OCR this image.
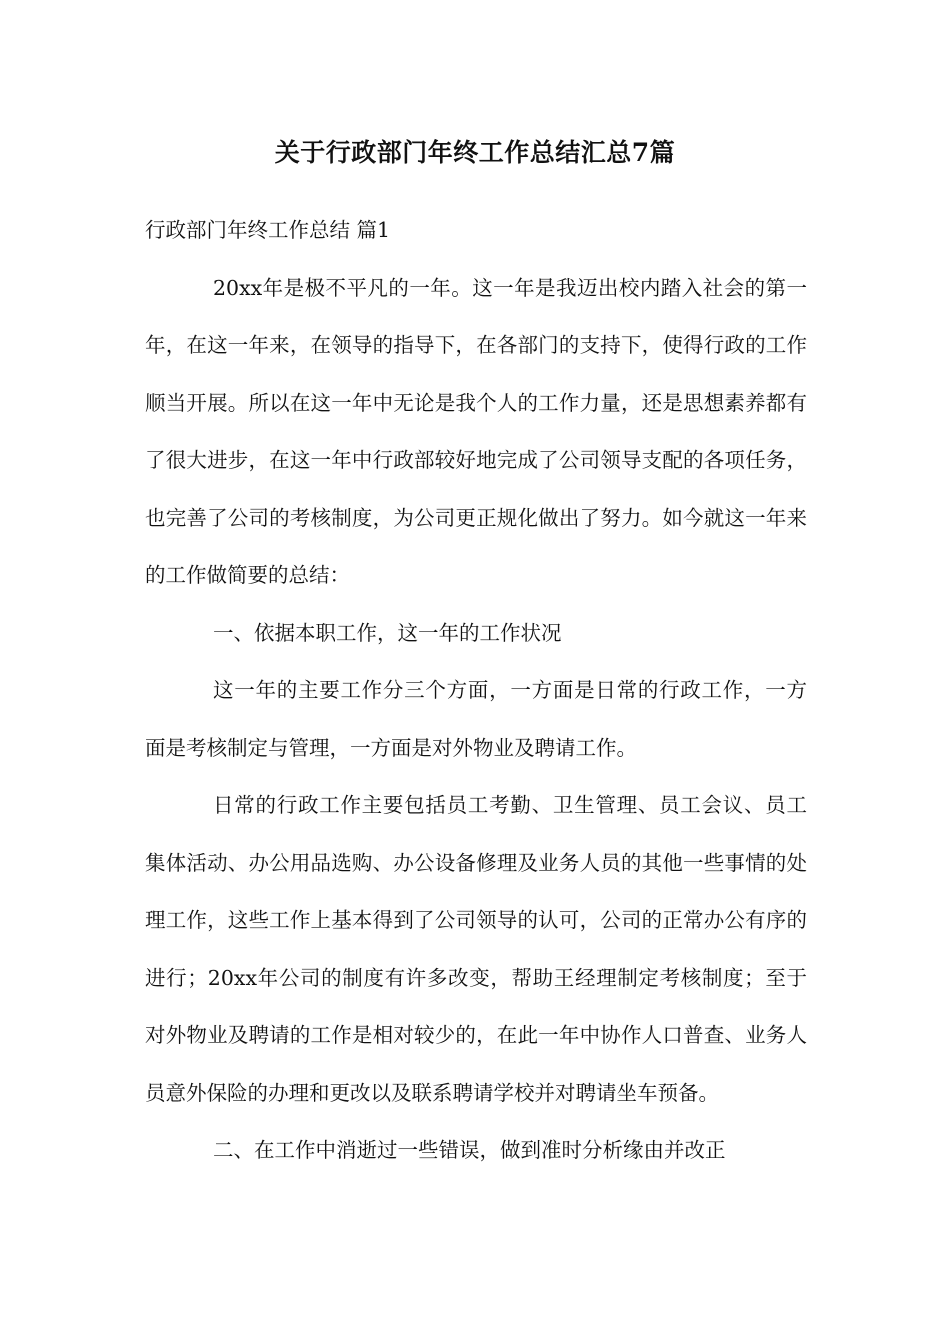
关于行政部门年终工作总结汇总7篇

行政部门年终工作总结 篇1

20xx年是极不平凡的一年。这一年是我迈出校内踏入社会的第一年，在这一年来，在领导的指导下，在各部门的支持下，使得行政的工作顺当开展。所以在这一年中无论是我个人的工作力量，还是思想素养都有了很大进步，在这一年中行政部较好地完成了公司领导支配的各项任务，也完善了公司的考核制度，为公司更正规化做出了努力。如今就这一年来的工作做简要的总结：

一、依据本职工作，这一年的工作状况

这一年的主要工作分三个方面，一方面是日常的行政工作，一方面是考核制定与管理，一方面是对外物业及聘请工作。

日常的行政工作主要包括员工考勤、卫生管理、员工会议、员工集体活动、办公用品选购、办公设备修理及业务人员的其他一些事情的处理工作，这些工作上基本得到了公司领导的认可，公司的正常办公有序的进行；20xx年公司的制度有许多改变，帮助王经理制定考核制度；至于对外物业及聘请的工作是相对较少的，在此一年中协作人口普查、业务人员意外保险的办理和更改以及联系聘请学校并对聘请坐车预备。

二、在工作中消逝过一些错误，做到准时分析缘由并改正
